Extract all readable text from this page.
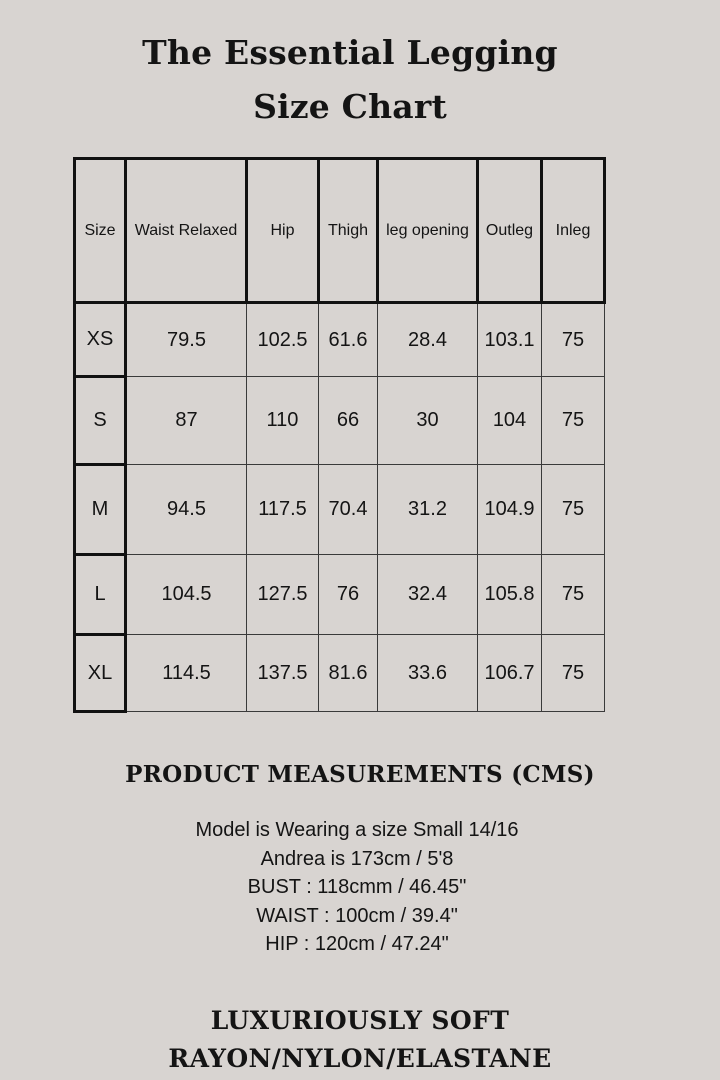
The Essential Legging
Size Chart
Size	Waist Relaxed	Hip	Thigh	leg opening	Outleg	Inleg
XS	79.5	102.5	61.6	28.4	103.1	75
S	87	110	66	30	104	75
M	94.5	117.5	70.4	31.2	104.9	75
L	104.5	127.5	76	32.4	105.8	75
XL	114.5	137.5	81.6	33.6	106.7	75
PRODUCT MEASUREMENTS (CMS)
Model is Wearing a size Small 14/16
Andrea is 173cm / 5'8
BUST : 118cmm / 46.45"
WAIST : 100cm / 39.4"
HIP : 120cm / 47.24"
LUXURIOUSLY SOFT
RAYON/NYLON/ELASTANE
